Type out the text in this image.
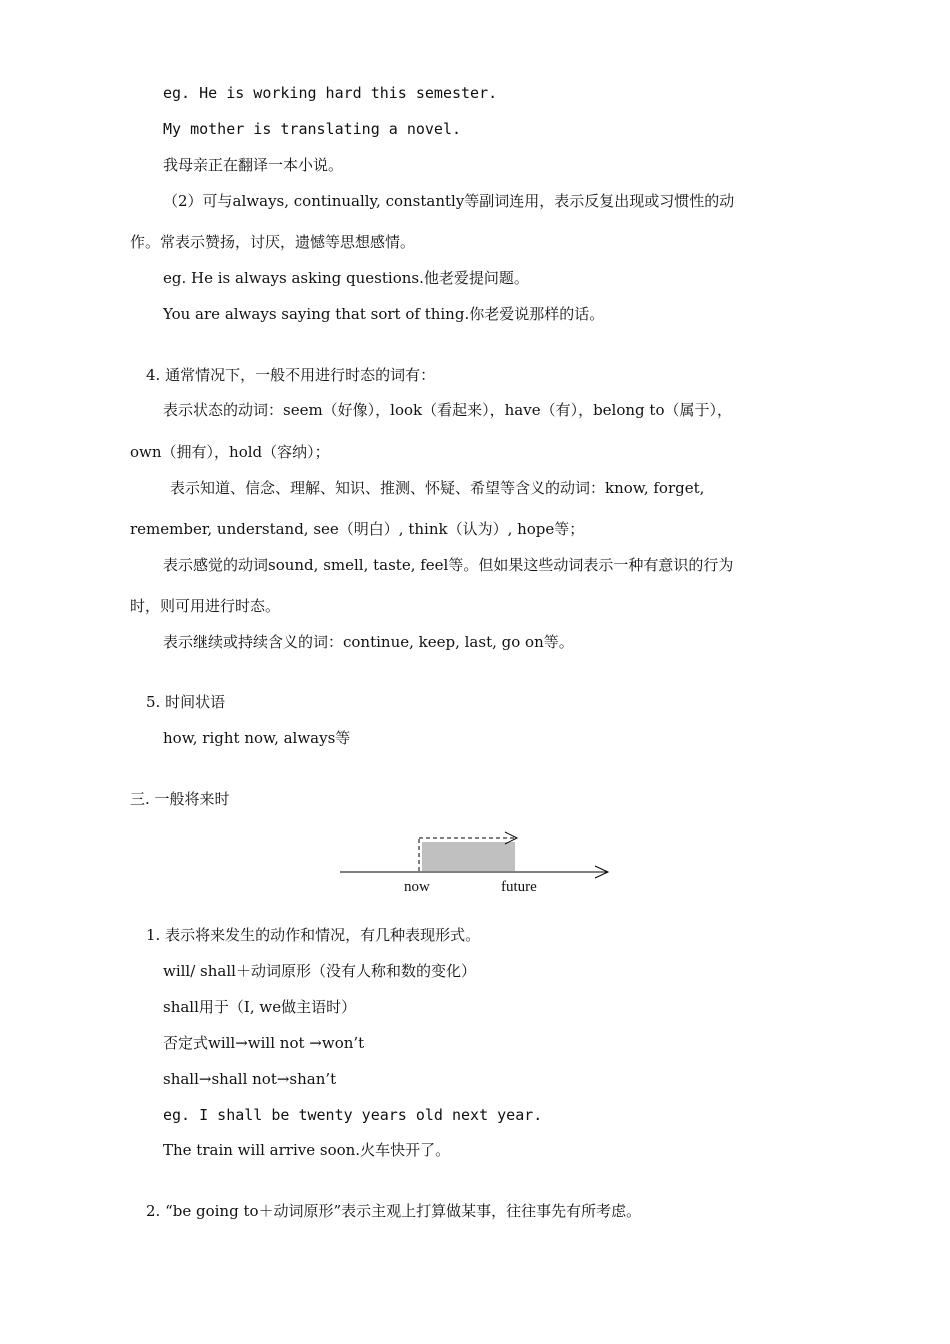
eg. He is working hard this semester.
My mother is translating a novel.
我母亲正在翻译一本小说。
（2）可与always, continually, constantly等副词连用，表示反复出现或习惯性的动
作。常表示赞扬，讨厌，遗憾等思想感情。
eg. He is always asking questions.他老爱提问题。
You are always saying that sort of thing.你老爱说那样的话。
4. 通常情况下，一般不用进行时态的词有：
表示状态的动词：seem（好像），look（看起来），have（有），belong to（属于），
own（拥有），hold（容纳）；
表示知道、信念、理解、知识、推测、怀疑、希望等含义的动词：know, forget,
remember, understand, see（明白）, think（认为）, hope等；
表示感觉的动词sound, smell, taste, feel等。但如果这些动词表示一种有意识的行为
时，则可用进行时态。
表示继续或持续含义的词：continue, keep, last, go on等。
5. 时间状语
how, right now, always等
三. 一般将来时
now	future
1. 表示将来发生的动作和情况，有几种表现形式。
will/ shall＋动词原形（没有人称和数的变化）
shall用于（I, we做主语时）
否定式will→will not →won’t
shall→shall not→shan’t
eg. I shall be twenty years old next year.
The train will arrive soon.火车快开了。
2. “be going to＋动词原形”表示主观上打算做某事，往往事先有所考虑。
